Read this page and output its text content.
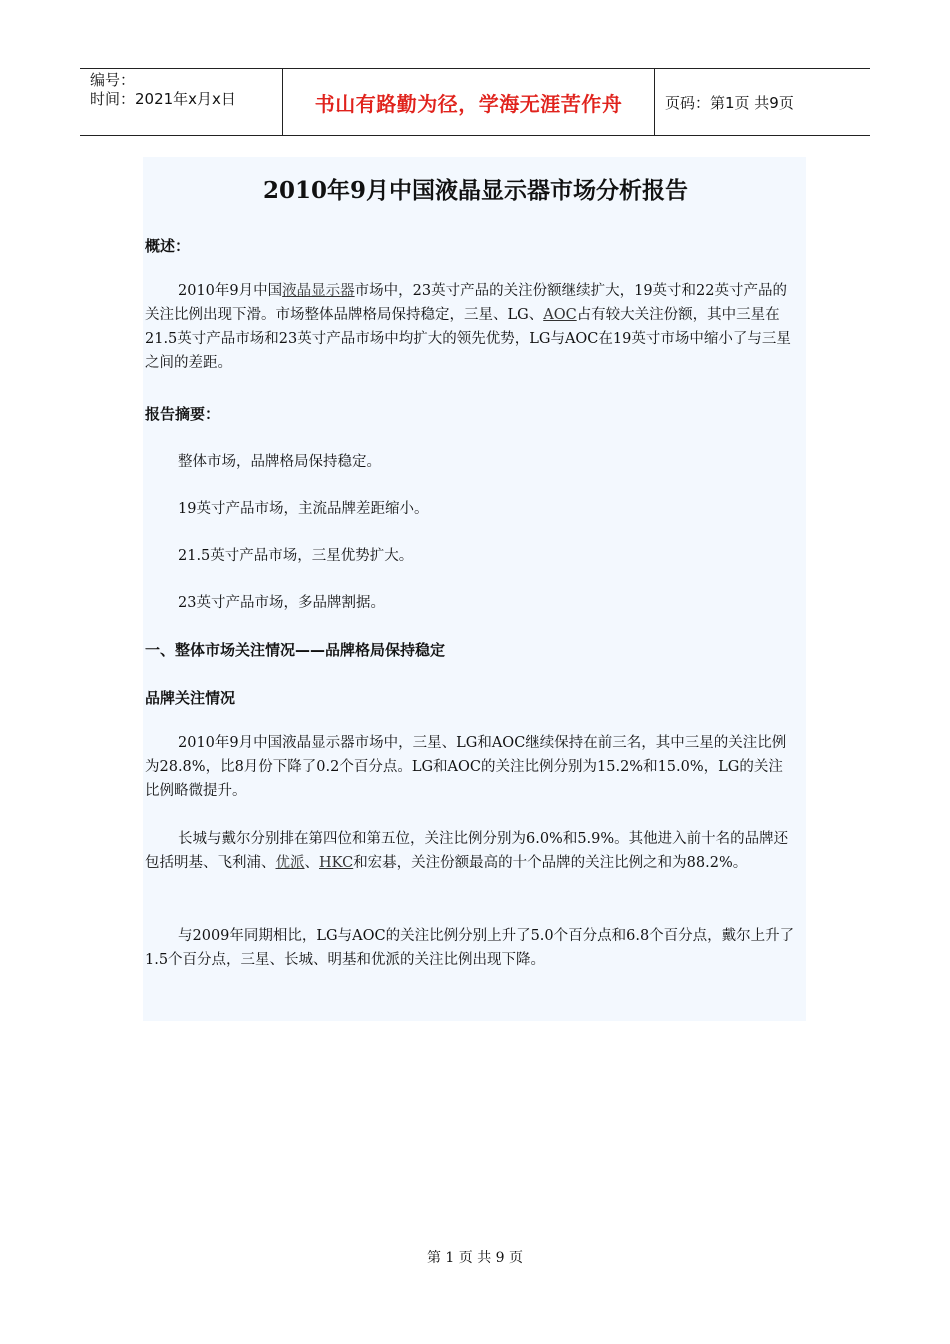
编号：
时间：2021年x月x日	书山有路勤为径，学海无涯苦作舟	页码：第1页 共9页
2010年9月中国液晶显示器市场分析报告

概述：

2010年9月中国液晶显示器市场中，23英寸产品的关注份额继续扩大，19英寸和22英寸产品的关注比例出现下滑。市场整体品牌格局保持稳定，三星、LG、AOC占有较大关注份额，其中三星在21.5英寸产品市场和23英寸产品市场中均扩大的领先优势，LG与AOC在19英寸市场中缩小了与三星之间的差距。

报告摘要：

整体市场，品牌格局保持稳定。

19英寸产品市场，主流品牌差距缩小。

21.5英寸产品市场，三星优势扩大。

23英寸产品市场，多品牌割据。

一、整体市场关注情况——品牌格局保持稳定

品牌关注情况

2010年9月中国液晶显示器市场中，三星、LG和AOC继续保持在前三名，其中三星的关注比例为28.8%，比8月份下降了0.2个百分点。LG和AOC的关注比例分别为15.2%和15.0%，LG的关注比例略微提升。

长城与戴尔分别排在第四位和第五位，关注比例分别为6.0%和5.9%。其他进入前十名的品牌还包括明基、飞利浦、优派、HKC和宏碁，关注份额最高的十个品牌的关注比例之和为88.2%。

与2009年同期相比，LG与AOC的关注比例分别上升了5.0个百分点和6.8个百分点，戴尔上升了1.5个百分点，三星、长城、明基和优派的关注比例出现下降。

第 1 页 共 9 页
